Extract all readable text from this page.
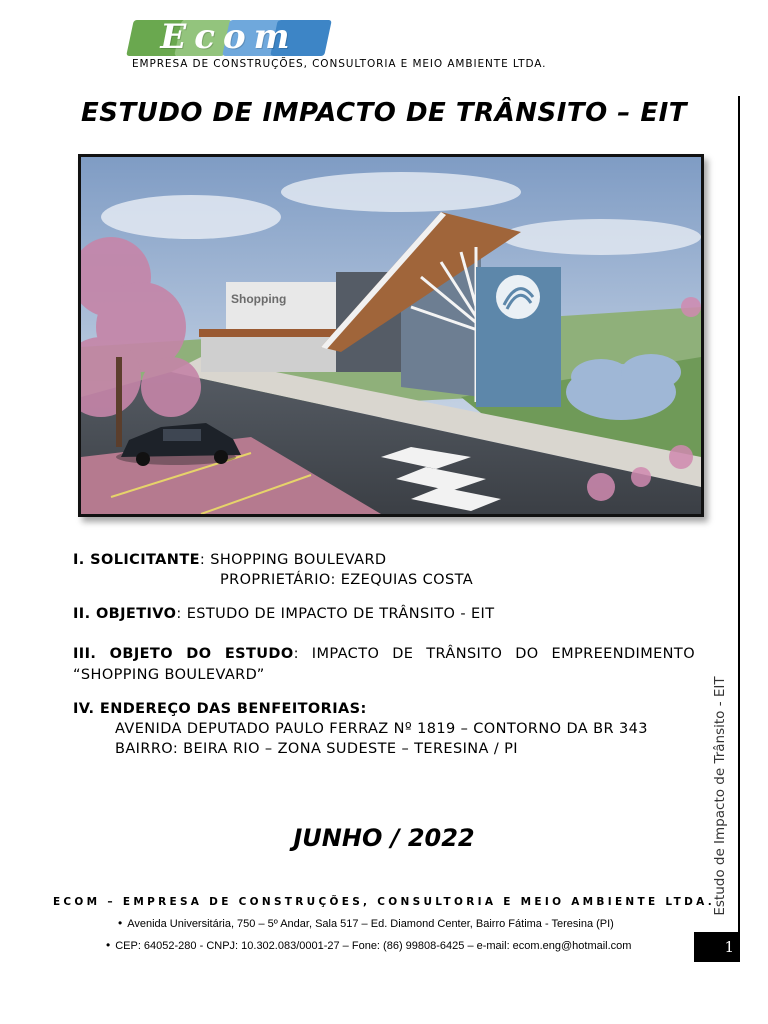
Ecom
EMPRESA DE CONSTRUÇÕES, CONSULTORIA E MEIO AMBIENTE LTDA.
ESTUDO DE IMPACTO DE TRÂNSITO – EIT
Shopping
I. SOLICITANTE: SHOPPING BOULEVARD
PROPRIETÁRIO: EZEQUIAS COSTA
II. OBJETIVO: ESTUDO DE IMPACTO DE TRÂNSITO - EIT
III. OBJETO DO ESTUDO: IMPACTO DE TRÂNSITO DO EMPREENDIMENTO
“SHOPPING BOULEVARD”
IV. ENDEREÇO DAS BENFEITORIAS:
AVENIDA DEPUTADO PAULO FERRAZ Nº 1819 – CONTORNO DA BR 343
BAIRRO: BEIRA RIO – ZONA SUDESTE – TERESINA / PI
JUNHO / 2022
ECOM – EMPRESA DE CONSTRUÇÕES, CONSULTORIA E MEIO AMBIENTE LTDA.
• Avenida Universitária, 750 – 5º Andar, Sala 517 – Ed. Diamond Center, Bairro Fátima - Teresina (PI)
• CEP: 64052-280 - CNPJ: 10.302.083/0001-27 – Fone: (86) 99808-6425 – e-mail: ecom.eng@hotmail.com
Estudo de Impacto de Trânsito - EIT
1
